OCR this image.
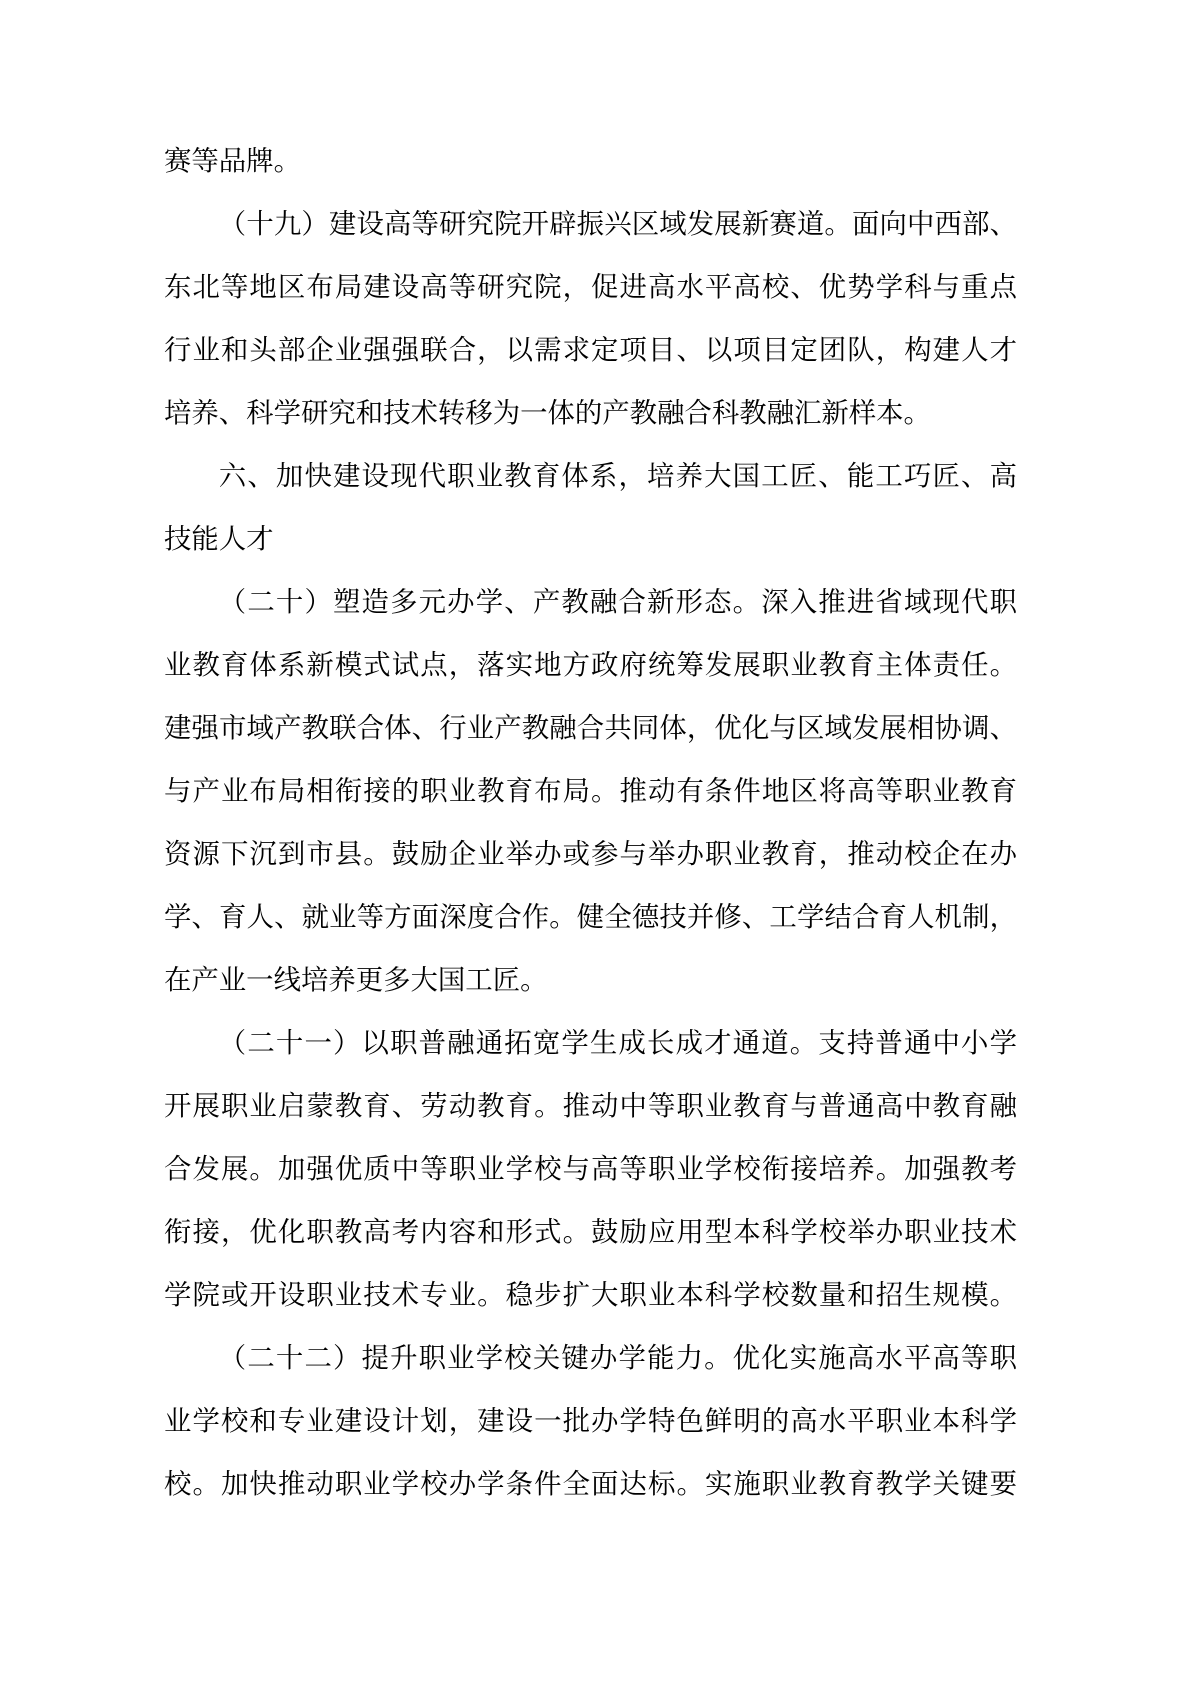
赛等品牌。
（十九）建设高等研究院开辟振兴区域发展新赛道。面向中西部、
东北等地区布局建设高等研究院，促进高水平高校、优势学科与重点
行业和头部企业强强联合，以需求定项目、以项目定团队，构建人才
培养、科学研究和技术转移为一体的产教融合科教融汇新样本。
六、加快建设现代职业教育体系，培养大国工匠、能工巧匠、高
技能人才
（二十）塑造多元办学、产教融合新形态。深入推进省域现代职
业教育体系新模式试点，落实地方政府统筹发展职业教育主体责任。
建强市域产教联合体、行业产教融合共同体，优化与区域发展相协调、
与产业布局相衔接的职业教育布局。推动有条件地区将高等职业教育
资源下沉到市县。鼓励企业举办或参与举办职业教育，推动校企在办
学、育人、就业等方面深度合作。健全德技并修、工学结合育人机制，
在产业一线培养更多大国工匠。
（二十一）以职普融通拓宽学生成长成才通道。支持普通中小学
开展职业启蒙教育、劳动教育。推动中等职业教育与普通高中教育融
合发展。加强优质中等职业学校与高等职业学校衔接培养。加强教考
衔接，优化职教高考内容和形式。鼓励应用型本科学校举办职业技术
学院或开设职业技术专业。稳步扩大职业本科学校数量和招生规模。
（二十二）提升职业学校关键办学能力。优化实施高水平高等职
业学校和专业建设计划，建设一批办学特色鲜明的高水平职业本科学
校。加快推动职业学校办学条件全面达标。实施职业教育教学关键要
